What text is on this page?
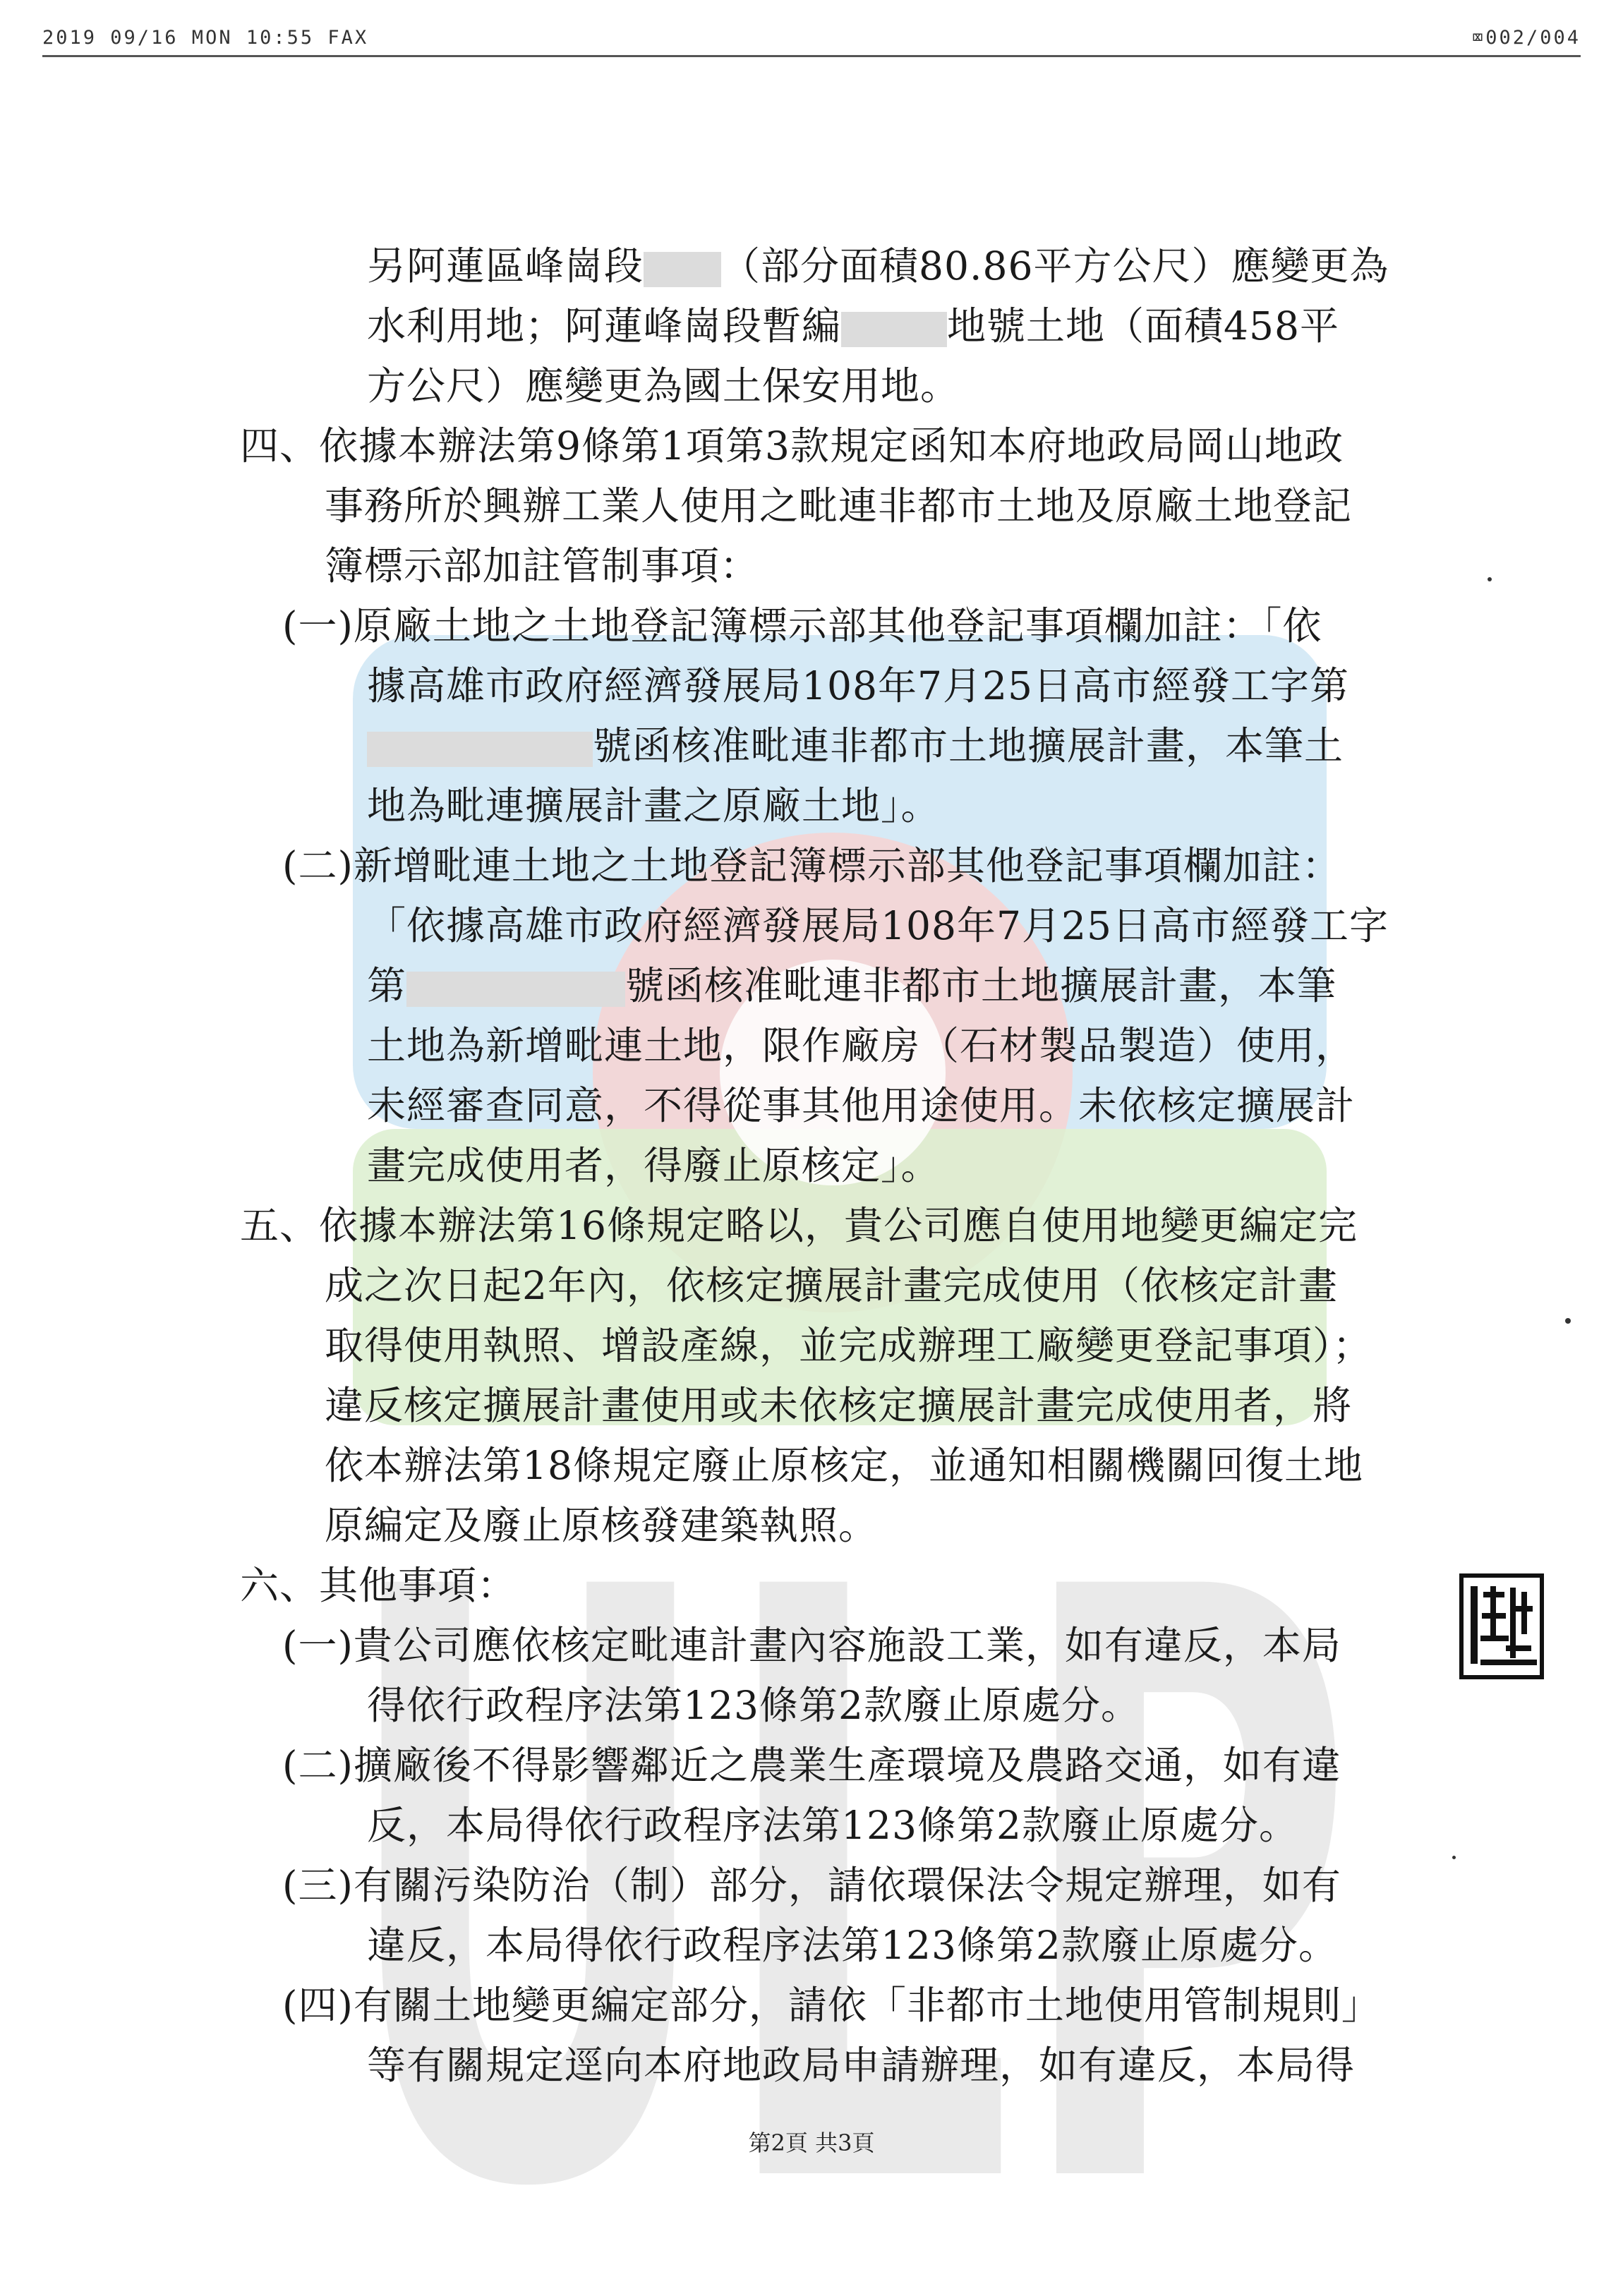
2019 09/16 MON 10:55 FAX	⌧002/004
ULP
另阿蓮區峰崗段 （部分面積80.86平方公尺）應變更為
水利用地；阿蓮峰崗段暫編	地號土地（面積458平
方公尺）應變更為國土保安用地。
四、依據本辦法第9條第1項第3款規定函知本府地政局岡山地政
事務所於興辦工業人使用之毗連非都市土地及原廠土地登記
簿標示部加註管制事項：
(一)原廠土地之土地登記簿標示部其他登記事項欄加註：「依
據高雄市政府經濟發展局108年7月25日高市經發工字第
號函核准毗連非都市土地擴展計畫，本筆土
地為毗連擴展計畫之原廠土地」。
(二)新增毗連土地之土地登記簿標示部其他登記事項欄加註：
「依據高雄市政府經濟發展局108年7月25日高市經發工字
第	號函核准毗連非都市土地擴展計畫，本筆
土地為新增毗連土地，限作廠房（石材製品製造）使用，
未經審查同意，不得從事其他用途使用。未依核定擴展計
畫完成使用者，得廢止原核定」。
五、依據本辦法第16條規定略以，貴公司應自使用地變更編定完
成之次日起2年內，依核定擴展計畫完成使用（依核定計畫
取得使用執照、增設產線，並完成辦理工廠變更登記事項）；
違反核定擴展計畫使用或未依核定擴展計畫完成使用者，將
依本辦法第18條規定廢止原核定，並通知相關機關回復土地
原編定及廢止原核發建築執照。
六、其他事項：
(一)貴公司應依核定毗連計畫內容施設工業，如有違反，本局
得依行政程序法第123條第2款廢止原處分。
(二)擴廠後不得影響鄰近之農業生產環境及農路交通，如有違
反，本局得依行政程序法第123條第2款廢止原處分。
(三)有關污染防治（制）部分，請依環保法令規定辦理，如有
違反，本局得依行政程序法第123條第2款廢止原處分。
(四)有關土地變更編定部分，請依「非都市土地使用管制規則」
等有關規定逕向本府地政局申請辦理，如有違反，本局得
第2頁 共3頁
